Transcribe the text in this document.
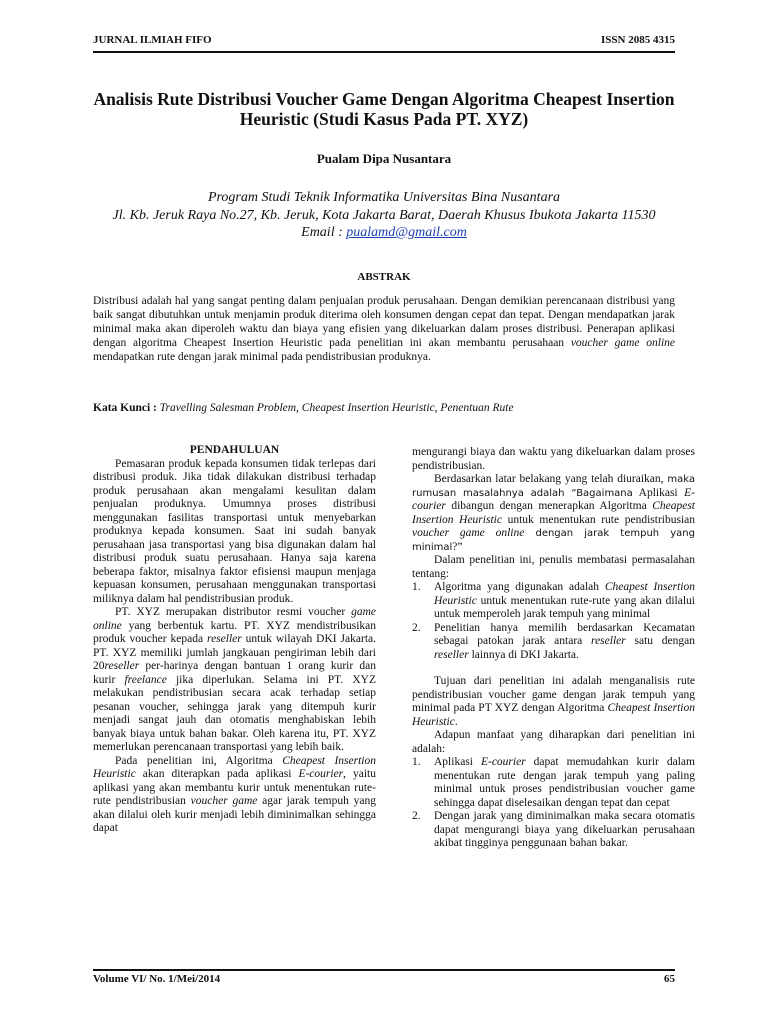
JURNAL ILMIAH FIFO	ISSN 2085 4315
Analisis Rute Distribusi Voucher Game Dengan Algoritma Cheapest Insertion Heuristic (Studi Kasus Pada PT. XYZ)
Pualam Dipa Nusantara
Program Studi Teknik Informatika Universitas Bina Nusantara
Jl. Kb. Jeruk Raya No.27, Kb. Jeruk, Kota Jakarta Barat, Daerah Khusus Ibukota Jakarta 11530
Email : pualamd@gmail.com
ABSTRAK

Distribusi adalah hal yang sangat penting dalam penjualan produk perusahaan. Dengan demikian perencanaan distribusi yang baik sangat dibutuhkan untuk menjamin produk diterima oleh konsumen dengan cepat dan tepat. Dengan mendapatkan jarak minimal maka akan diperoleh waktu dan biaya yang efisien yang dikeluarkan dalam proses distribusi. Penerapan aplikasi dengan algoritma Cheapest Insertion Heuristic pada penelitian ini akan membantu perusahaan voucher game online mendapatkan rute dengan jarak minimal pada pendistribusian produknya.

Kata Kunci : Travelling Salesman Problem, Cheapest Insertion Heuristic, Penentuan Rute

PENDAHULUAN

Pemasaran produk kepada konsumen tidak terlepas dari distribusi produk. Jika tidak dilakukan distribusi terhadap produk perusahaan akan mengalami kesulitan dalam penjualan produknya. Umumnya proses distribusi menggunakan fasilitas transportasi untuk menyebarkan produknya kepada konsumen. Saat ini sudah banyak perusahaan jasa transportasi yang bisa digunakan dalam hal distribusi produk suatu perusahaan. Hanya saja karena beberapa faktor, misalnya faktor efisiensi maupun menjaga kepuasan konsumen, perusahaan menggunakan transportasi miliknya dalam hal pendistribusian produk.

PT. XYZ merupakan distributor resmi voucher game online yang berbentuk kartu. PT. XYZ mendistribusikan produk voucher kepada reseller untuk wilayah DKI Jakarta. PT. XYZ memiliki jumlah jangkauan pengiriman lebih dari 20reseller per-harinya dengan bantuan 1 orang kurir dan kurir freelance jika diperlukan. Selama ini PT. XYZ melakukan pendistribusian secara acak terhadap setiap pesanan voucher, sehingga jarak yang ditempuh kurir menjadi sangat jauh dan otomatis menghabiskan lebih banyak biaya untuk bahan bakar. Oleh karena itu, PT. XYZ memerlukan perencanaan transportasi yang lebih baik.

Pada penelitian ini, Algoritma Cheapest Insertion Heuristic akan diterapkan pada aplikasi E-courier, yaitu aplikasi yang akan membantu kurir untuk menentukan rute-rute pendistribusian voucher game agar jarak tempuh yang akan dilalui oleh kurir menjadi lebih diminimalkan sehingga dapat

mengurangi biaya dan waktu yang dikeluarkan dalam proses pendistribusian.

Berdasarkan latar belakang yang telah diuraikan, maka rumusan masalahnya adalah “Bagaimana Aplikasi E-courier dibangun dengan menerapkan Algoritma Cheapest Insertion Heuristic untuk menentukan rute pendistribusian voucher game online dengan jarak tempuh yang minimal?”

Dalam penelitian ini, penulis membatasi permasalahan tentang:

1. Algoritma yang digunakan adalah Cheapest Insertion Heuristic untuk menentukan rute-rute yang akan dilalui untuk memperoleh jarak tempuh yang minimal
2. Penelitian hanya memilih berdasarkan Kecamatan sebagai patokan jarak antara reseller satu dengan reseller lainnya di DKI Jakarta.

Tujuan dari penelitian ini adalah menganalisis rute pendistribusian voucher game dengan jarak tempuh yang minimal pada PT XYZ dengan Algoritma Cheapest Insertion Heuristic.

Adapun manfaat yang diharapkan dari penelitian ini adalah:

1. Aplikasi E-courier dapat memudahkan kurir dalam menentukan rute dengan jarak tempuh yang paling minimal untuk proses pendistribusian voucher game sehingga dapat diselesaikan dengan tepat dan cepat
2. Dengan jarak yang diminimalkan maka secara otomatis dapat mengurangi biaya yang dikeluarkan perusahaan akibat tingginya penggunaan bahan bakar.
Volume VI/ No. 1/Mei/2014	65
